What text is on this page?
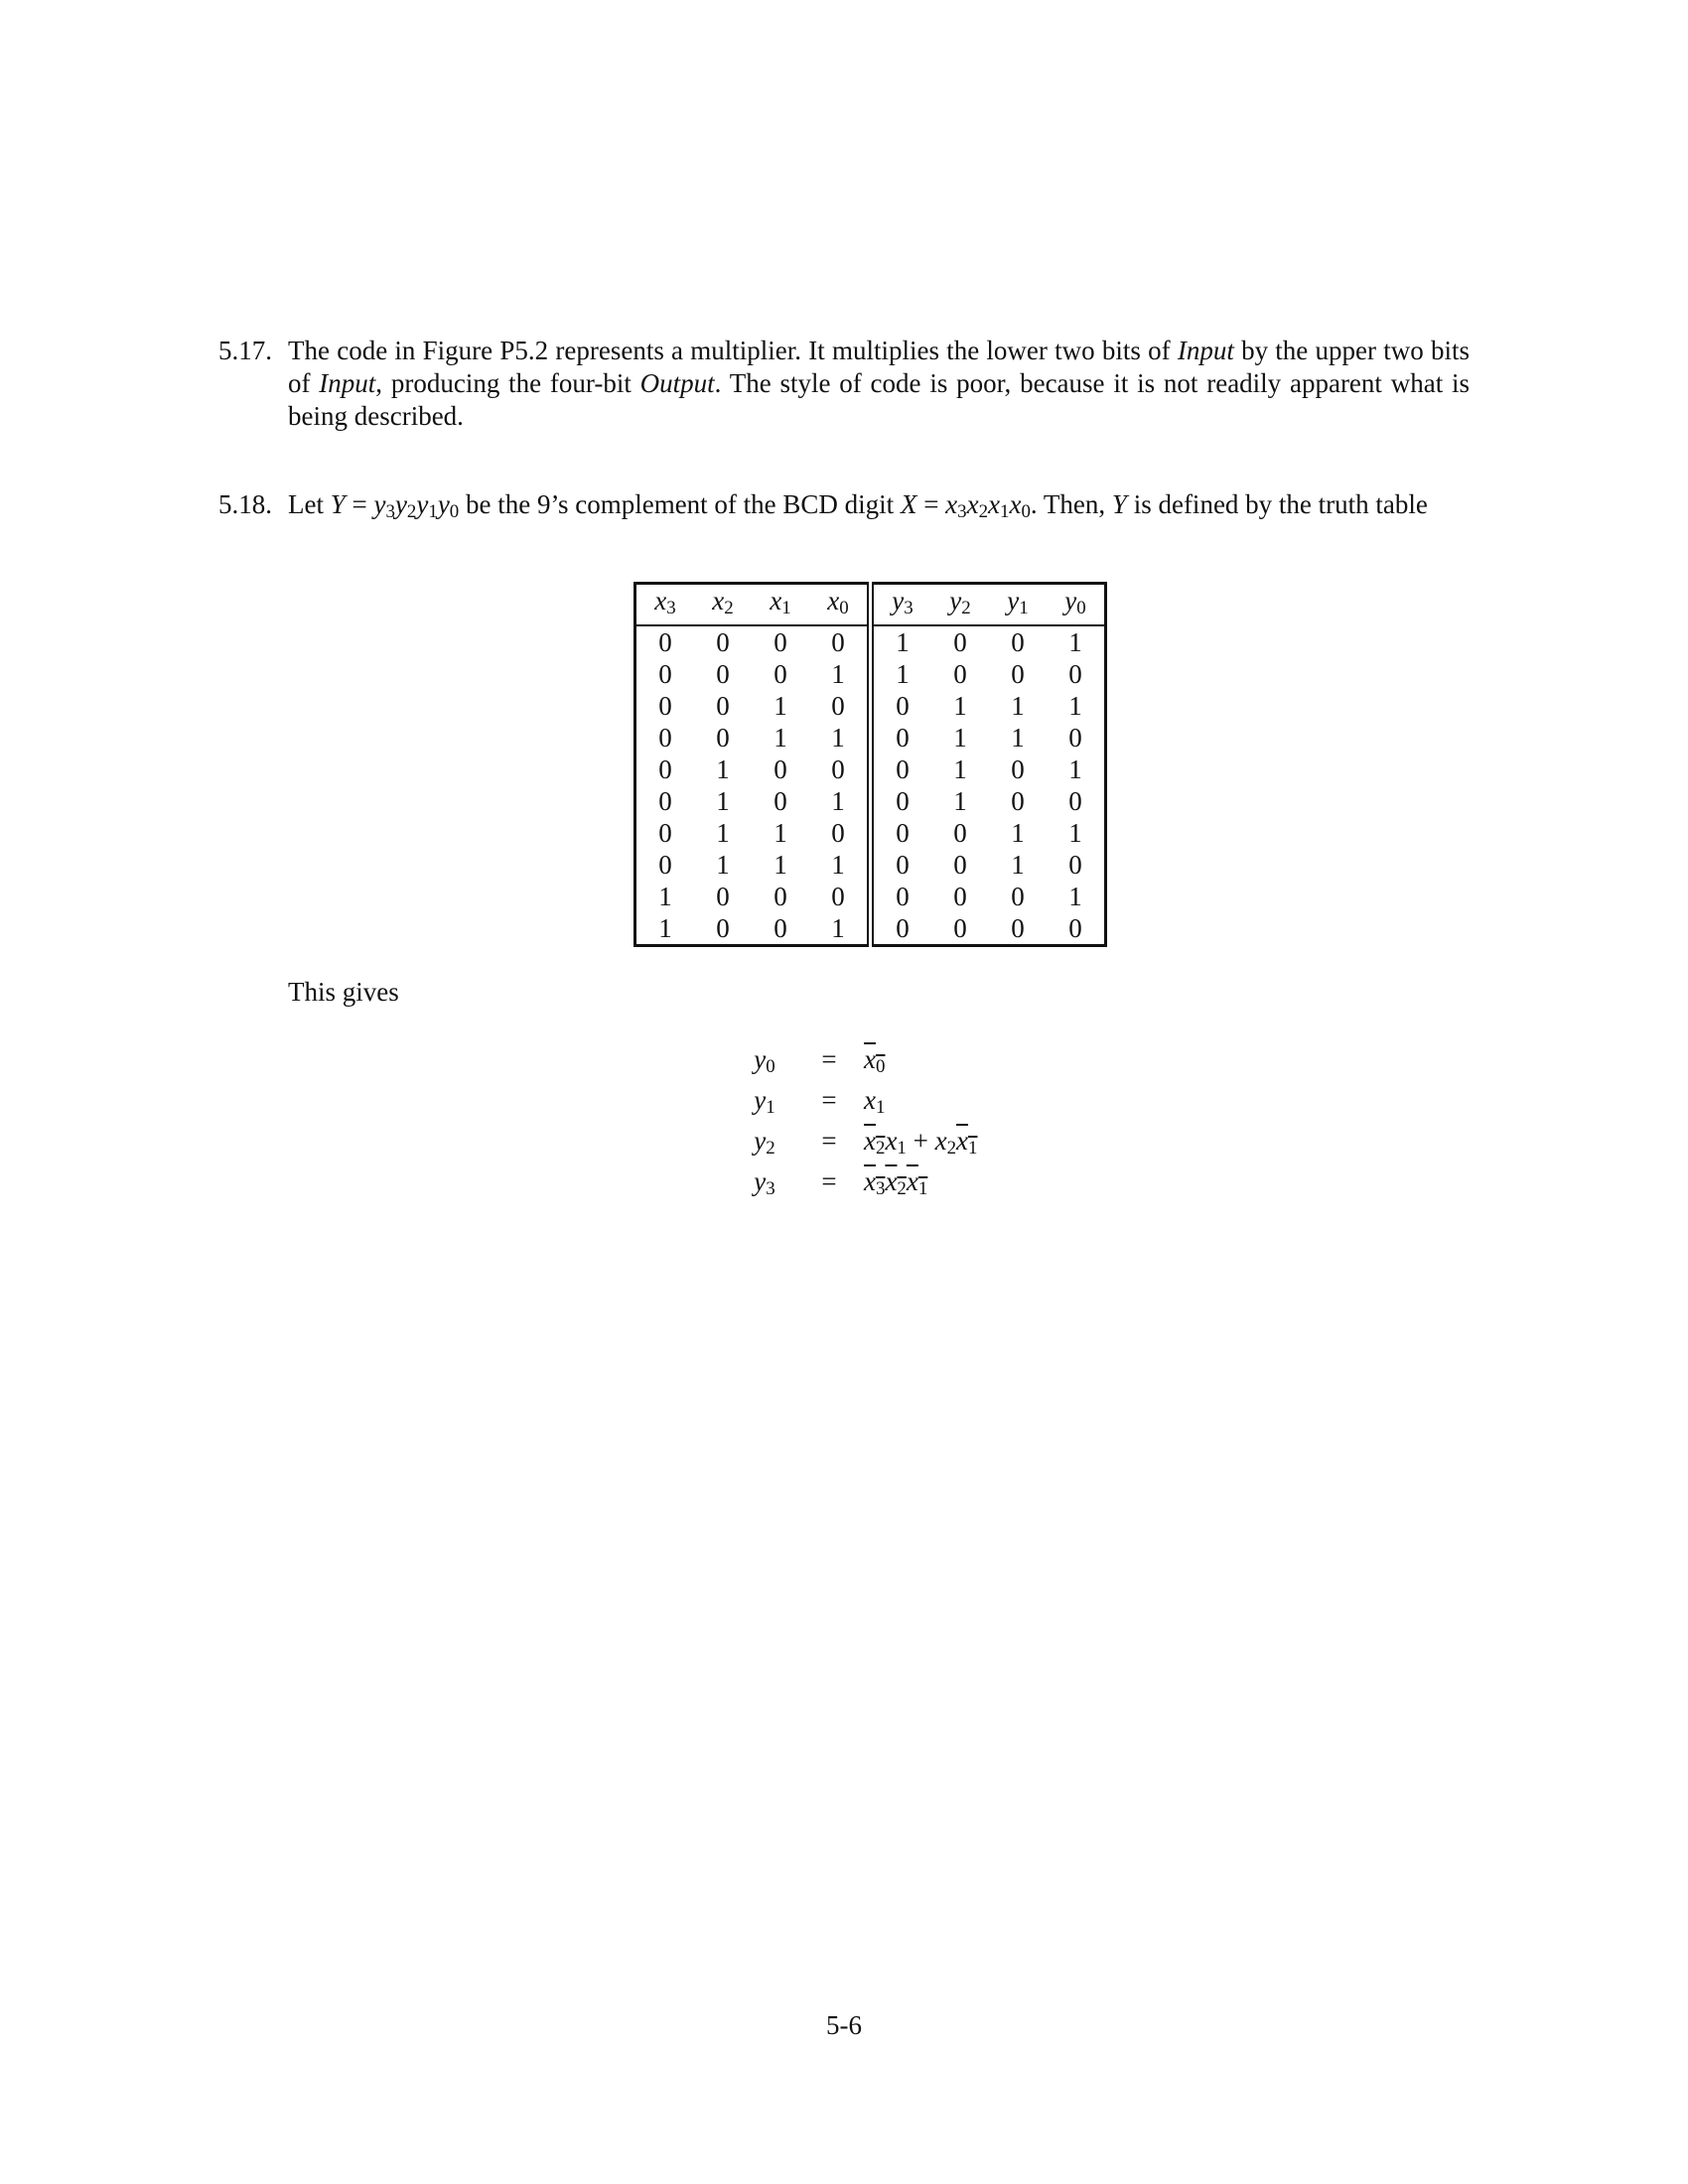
5.17. The code in Figure P5.2 represents a multiplier. It multiplies the lower two bits of Input by the upper two bits of Input, producing the four-bit Output. The style of code is poor, because it is not readily apparent what is being described.
5.18. Let $Y = y_3y_2y_1y_0$ be the 9’s complement of the BCD digit $X = x_3x_2x_1x_0$. Then, Y is defined by the truth table
$x_3$	$x_2$	$x_1$	$x_0$	$y_3$	$y_2$	$y_1$	$y_0$
0	0	0	0	1	0	0	1
0	0	0	1	1	0	0	0
0	0	1	0	0	1	1	1
0	0	1	1	0	1	1	0
0	1	0	0	0	1	0	1
0	1	0	1	0	1	0	0
0	1	1	0	0	0	1	1
0	1	1	1	0	0	1	0
1	0	0	0	0	0	0	1
1	0	0	1	0	0	0	0
This gives
$y_0$	=	$x_0$
$y_1$	=	$x_1$
$y_2$	=	$x_2x_1 + x_2x_1$
$y_3$	=	$x_3x_2x_1$
5-6
